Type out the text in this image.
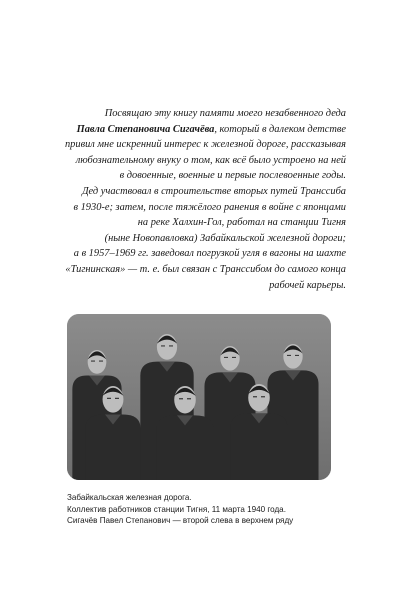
Посвящаю эту книгу памяти моего незабвенного деда

Павла Степановича Сигачёва, который в далеком детстве

привил мне искренний интерес к железной дороге, рассказывая

любознательному внуку о том, как всё было устроено на ней

в довоенные, военные и первые послевоенные годы.

Дед участвовал в строительстве вторых путей Транссиба

в 1930-е; затем, после тяжёлого ранения в войне с японцами

на реке Халхин-Гол, работал на станции Тигня

(ныне Новопавловка) Забайкальской железной дороги;

а в 1957–1969 гг. заведовал погрузкой угля в вагоны на шахте

«Тигнинская» — т. е. был связан с Транссибом до самого конца

рабочей карьеры.

Забайкальская железная дорога.
Коллектив работников станции Тигня, 11 марта 1940 года.
Сигачёв Павел Степанович — второй слева в верхнем ряду
